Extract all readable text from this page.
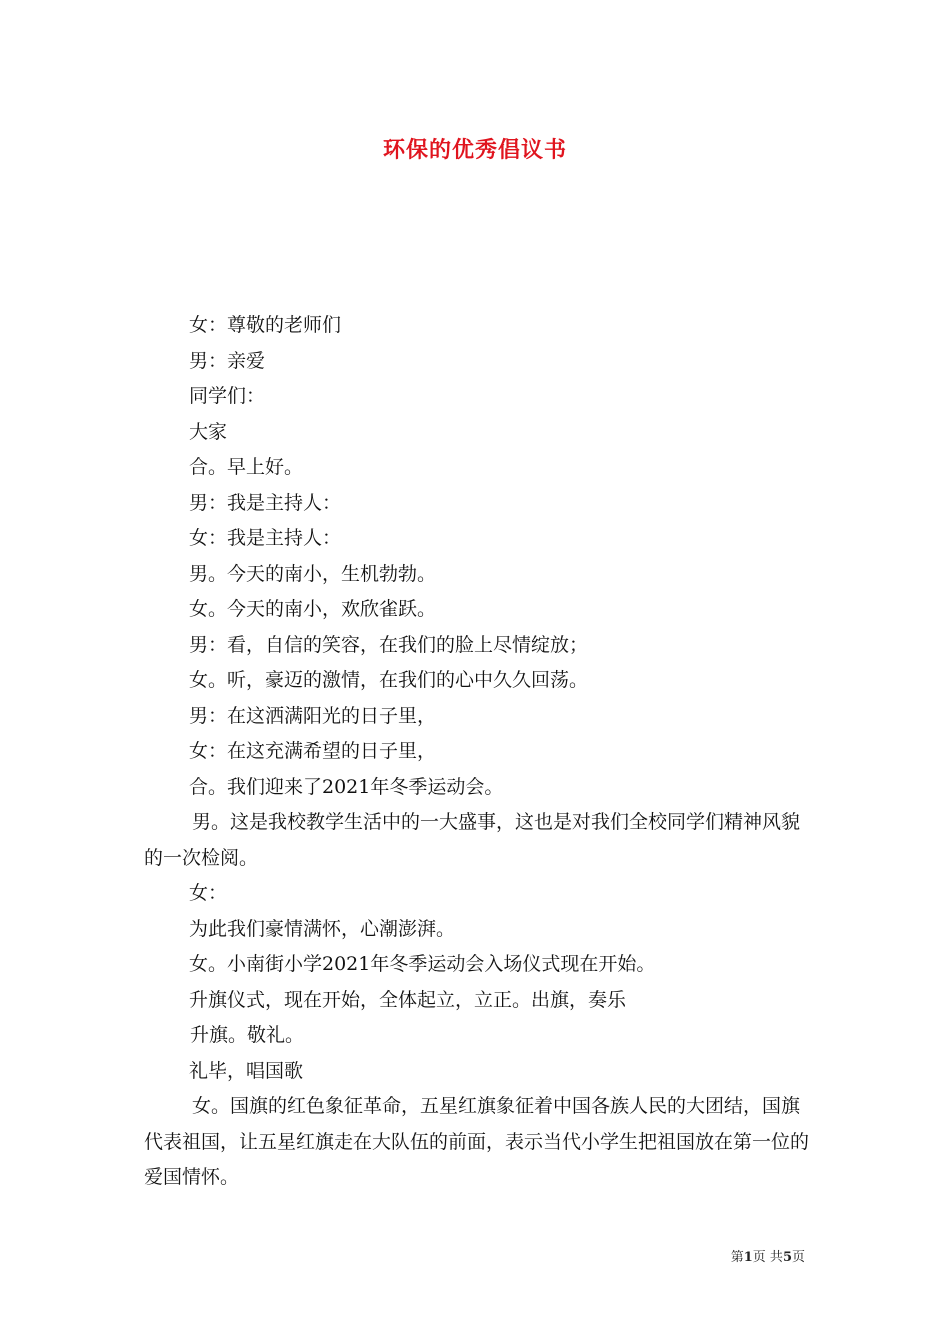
环保的优秀倡议书

女：尊敬的老师们

男：亲爱

同学们：

大家

合。早上好。

男：我是主持人：

女：我是主持人：

男。今天的南小，生机勃勃。

女。今天的南小，欢欣雀跃。

男：看，自信的笑容，在我们的脸上尽情绽放；

女。听，豪迈的激情，在我们的心中久久回荡。

男：在这洒满阳光的日子里，

女：在这充满希望的日子里，

合。我们迎来了2021年冬季运动会。

男。这是我校教学生活中的一大盛事，这也是对我们全校同学们精神风貌的一次检阅。

女：

为此我们豪情满怀，心潮澎湃。

女。小南街小学2021年冬季运动会入场仪式现在开始。

升旗仪式，现在开始，全体起立，立正。出旗，奏乐

升旗。敬礼。

礼毕，唱国歌

女。国旗的红色象征革命，五星红旗象征着中国各族人民的大团结，国旗代表祖国，让五星红旗走在大队伍的前面，表示当代小学生把祖国放在第一位的爱国情怀。

第1页 共5页
